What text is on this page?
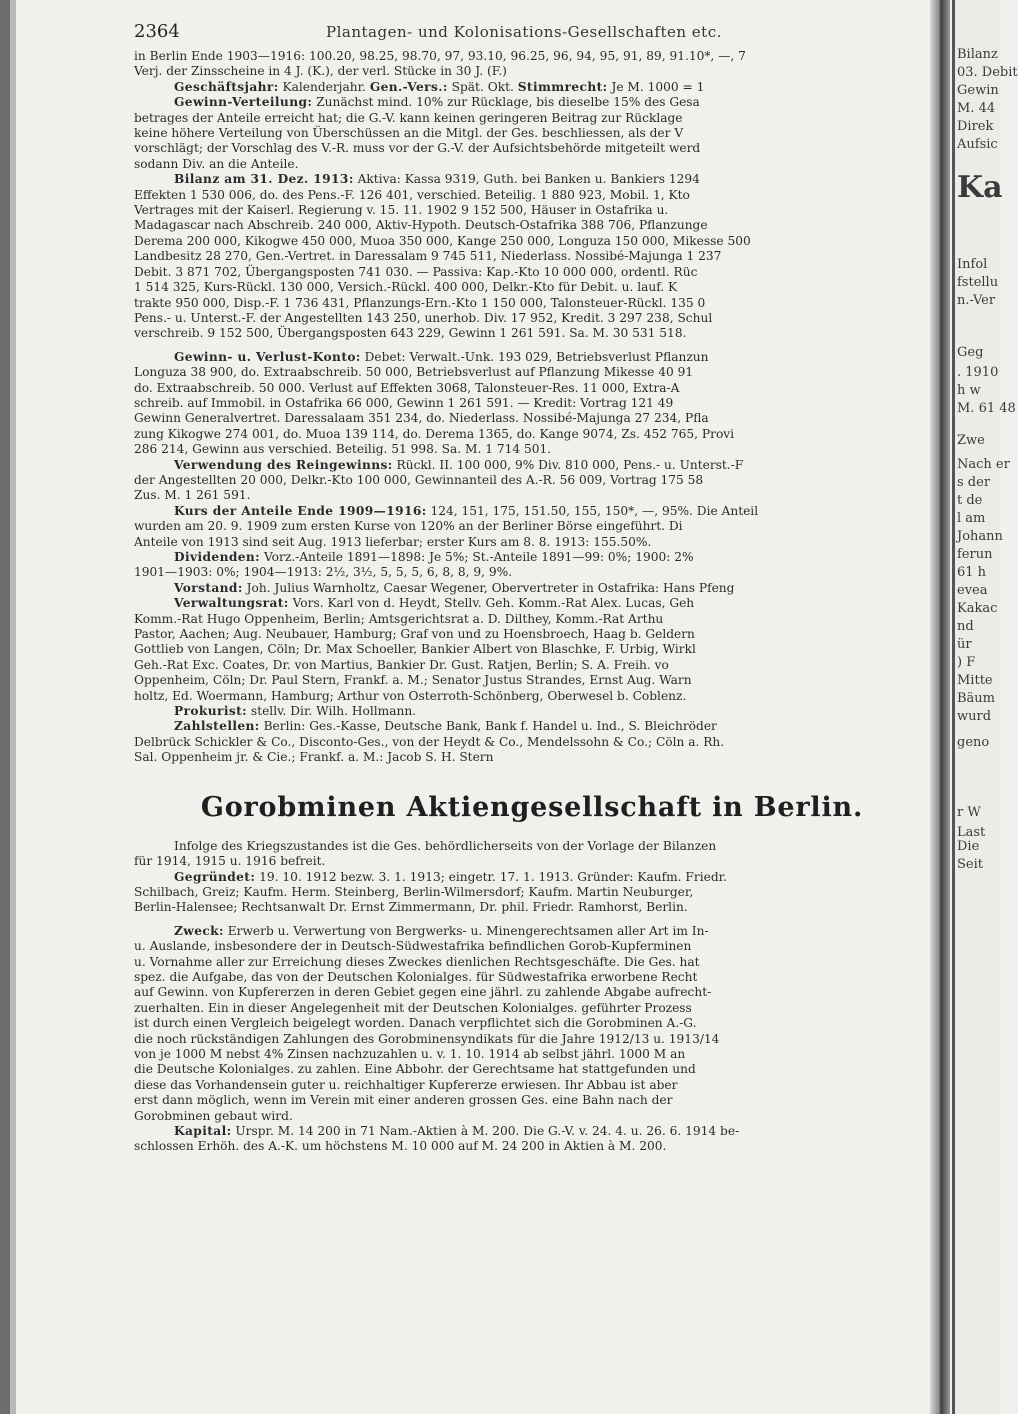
Bilanz
03. Debit
Gewin
M. 44
Direk
Aufsic
Ka
Infol
fstellu
n.-Ver
Geg
. 1910
h w
M. 61 48
Zwe
Nach er
s der
t de
l am
Johann
ferun
61 h
evea
Kakac
nd
ür
) F
Mitte
Bäum
wurd
geno
r W
Last
Die
Seit
2364	Plantagen- und Kolonisations-Gesellschaften etc.
in Berlin Ende 1903—1916: 100.20, 98.25, 98.70, 97, 93.10, 96.25, 96, 94, 95, 91, 89, 91.10*, —, 7
Verj. der Zinsscheine in 4 J. (K.), der verl. Stücke in 30 J. (F.)
Geschäftsjahr: Kalenderjahr. Gen.-Vers.: Spät. Okt. Stimmrecht: Je M. 1000 = 1
Gewinn-Verteilung: Zunächst mind. 10% zur Rücklage, bis dieselbe 15% des Gesa
betrages der Anteile erreicht hat; die G.-V. kann keinen geringeren Beitrag zur Rücklage
keine höhere Verteilung von Überschüssen an die Mitgl. der Ges. beschliessen, als der V
vorschlägt; der Vorschlag des V.-R. muss vor der G.-V. der Aufsichtsbehörde mitgeteilt werd
sodann Div. an die Anteile.
Bilanz am 31. Dez. 1913: Aktiva: Kassa 9319, Guth. bei Banken u. Bankiers 1294
Effekten 1 530 006, do. des Pens.-F. 126 401, verschied. Beteilig. 1 880 923, Mobil. 1, Kto
Vertrages mit der Kaiserl. Regierung v. 15. 11. 1902 9 152 500, Häuser in Ostafrika u.
Madagascar nach Abschreib. 240 000, Aktiv-Hypoth. Deutsch-Ostafrika 388 706, Pflanzunge
Derema 200 000, Kikogwe 450 000, Muoa 350 000, Kange 250 000, Longuza 150 000, Mikesse 500
Landbesitz 28 270, Gen.-Vertret. in Daressalam 9 745 511, Niederlass. Nossibé-Majunga 1 237
Debit. 3 871 702, Übergangsposten 741 030. — Passiva: Kap.-Kto 10 000 000, ordentl. Rüc
1 514 325, Kurs-Rückl. 130 000, Versich.-Rückl. 400 000, Delkr.-Kto für Debit. u. lauf. K
trakte 950 000, Disp.-F. 1 736 431, Pflanzungs-Ern.-Kto 1 150 000, Talonsteuer-Rückl. 135 0
Pens.- u. Unterst.-F. der Angestellten 143 250, unerhob. Div. 17 952, Kredit. 3 297 238, Schul
verschreib. 9 152 500, Übergangsposten 643 229, Gewinn 1 261 591. Sa. M. 30 531 518.
Gewinn- u. Verlust-Konto: Debet: Verwalt.-Unk. 193 029, Betriebsverlust Pflanzun
Longuza 38 900, do. Extraabschreib. 50 000, Betriebsverlust auf Pflanzung Mikesse 40 91
do. Extraabschreib. 50 000. Verlust auf Effekten 3068, Talonsteuer-Res. 11 000, Extra-A
schreib. auf Immobil. in Ostafrika 66 000, Gewinn 1 261 591. — Kredit: Vortrag 121 49
Gewinn Generalvertret. Daressalaam 351 234, do. Niederlass. Nossibé-Majunga 27 234, Pfla
zung Kikogwe 274 001, do. Muoa 139 114, do. Derema 1365, do. Kange 9074, Zs. 452 765, Provi
286 214, Gewinn aus verschied. Beteilig. 51 998. Sa. M. 1 714 501.
Verwendung des Reingewinns: Rückl. II. 100 000, 9% Div. 810 000, Pens.- u. Unterst.-F
der Angestellten 20 000, Delkr.-Kto 100 000, Gewinnanteil des A.-R. 56 009, Vortrag 175 58
Zus. M. 1 261 591.
Kurs der Anteile Ende 1909—1916: 124, 151, 175, 151.50, 155, 150*, —, 95%. Die Anteil
wurden am 20. 9. 1909 zum ersten Kurse von 120% an der Berliner Börse eingeführt. Di
Anteile von 1913 sind seit Aug. 1913 lieferbar; erster Kurs am 8. 8. 1913: 155.50%.
Dividenden: Vorz.-Anteile 1891—1898: Je 5%; St.-Anteile 1891—99: 0%; 1900: 2%
1901—1903: 0%; 1904—1913: 2½, 3½, 5, 5, 5, 6, 8, 8, 9, 9%.
Vorstand: Joh. Julius Warnholtz, Caesar Wegener, Obervertreter in Ostafrika: Hans Pfeng
Verwaltungsrat: Vors. Karl von d. Heydt, Stellv. Geh. Komm.-Rat Alex. Lucas, Geh
Komm.-Rat Hugo Oppenheim, Berlin; Amtsgerichtsrat a. D. Dilthey, Komm.-Rat Arthu
Pastor, Aachen; Aug. Neubauer, Hamburg; Graf von und zu Hoensbroech, Haag b. Geldern
Gottlieb von Langen, Cöln; Dr. Max Schoeller, Bankier Albert von Blaschke, F. Urbig, Wirkl
Geh.-Rat Exc. Coates, Dr. von Martius, Bankier Dr. Gust. Ratjen, Berlin; S. A. Freih. vo
Oppenheim, Cöln; Dr. Paul Stern, Frankf. a. M.; Senator Justus Strandes, Ernst Aug. Warn
holtz, Ed. Woermann, Hamburg; Arthur von Osterroth-Schönberg, Oberwesel b. Coblenz.
Prokurist: stellv. Dir. Wilh. Hollmann.
Zahlstellen: Berlin: Ges.-Kasse, Deutsche Bank, Bank f. Handel u. Ind., S. Bleichröder
Delbrück Schickler & Co., Disconto-Ges., von der Heydt & Co., Mendelssohn & Co.; Cöln a. Rh.
Sal. Oppenheim jr. & Cie.; Frankf. a. M.: Jacob S. H. Stern
Gorobminen Aktiengesellschaft in Berlin.
Infolge des Kriegszustandes ist die Ges. behördlicherseits von der Vorlage der Bilanzen
für 1914, 1915 u. 1916 befreit.
Gegründet: 19. 10. 1912 bezw. 3. 1. 1913; eingetr. 17. 1. 1913. Gründer: Kaufm. Friedr.
Schilbach, Greiz; Kaufm. Herm. Steinberg, Berlin-Wilmersdorf; Kaufm. Martin Neuburger,
Berlin-Halensee; Rechtsanwalt Dr. Ernst Zimmermann, Dr. phil. Friedr. Ramhorst, Berlin.
Zweck: Erwerb u. Verwertung von Bergwerks- u. Minengerechtsamen aller Art im In-
u. Auslande, insbesondere der in Deutsch-Südwestafrika befindlichen Gorob-Kupferminen
u. Vornahme aller zur Erreichung dieses Zweckes dienlichen Rechtsgeschäfte. Die Ges. hat
spez. die Aufgabe, das von der Deutschen Kolonialges. für Südwestafrika erworbene Recht
auf Gewinn. von Kupfererzen in deren Gebiet gegen eine jährl. zu zahlende Abgabe aufrecht-
zuerhalten. Ein in dieser Angelegenheit mit der Deutschen Kolonialges. geführter Prozess
ist durch einen Vergleich beigelegt worden. Danach verpflichtet sich die Gorobminen A.-G.
die noch rückständigen Zahlungen des Gorobminensyndikats für die Jahre 1912/13 u. 1913/14
von je 1000 M nebst 4% Zinsen nachzuzahlen u. v. 1. 10. 1914 ab selbst jährl. 1000 M an
die Deutsche Kolonialges. zu zahlen. Eine Abbohr. der Gerechtsame hat stattgefunden und
diese das Vorhandensein guter u. reichhaltiger Kupfererze erwiesen. Ihr Abbau ist aber
erst dann möglich, wenn im Verein mit einer anderen grossen Ges. eine Bahn nach der
Gorobminen gebaut wird.
Kapital: Urspr. M. 14 200 in 71 Nam.-Aktien à M. 200. Die G.-V. v. 24. 4. u. 26. 6. 1914 be-
schlossen Erhöh. des A.-K. um höchstens M. 10 000 auf M. 24 200 in Aktien à M. 200.
